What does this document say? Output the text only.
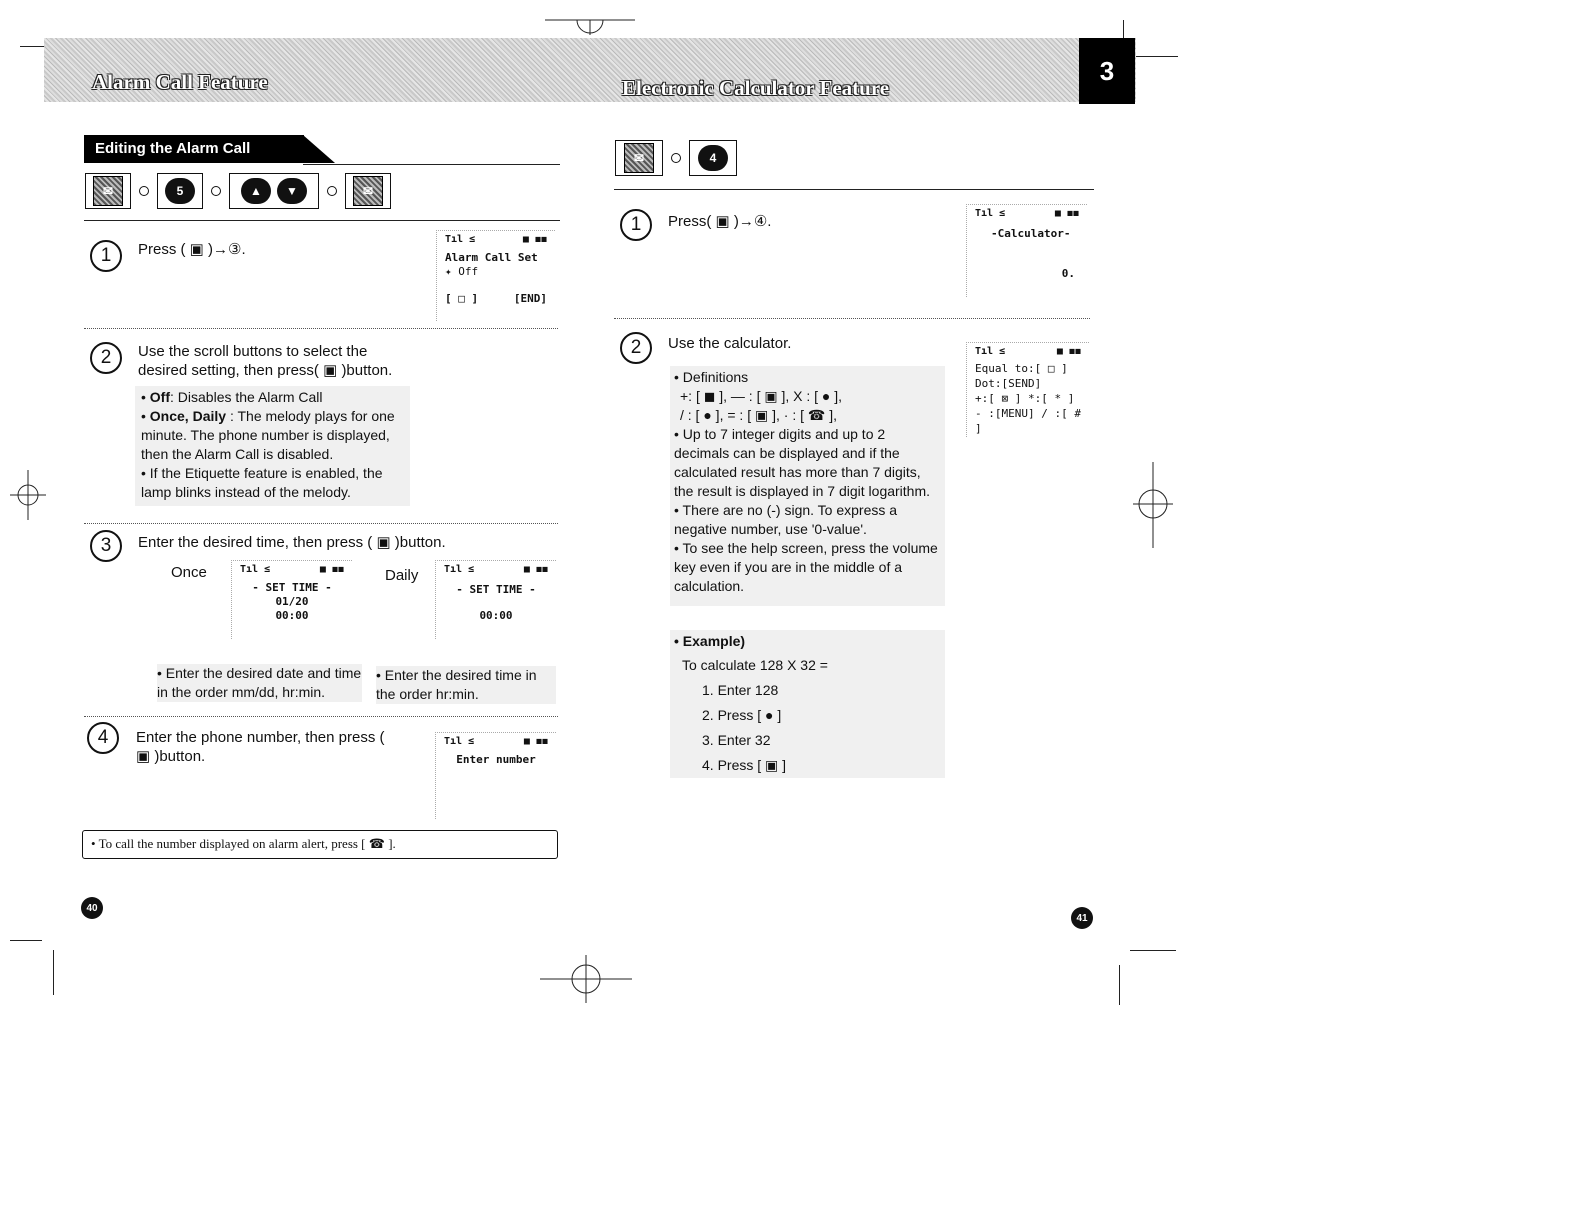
Alarm Call Feature	Electronic Calculator Feature
3
Editing the Alarm Call
✉	5	▲	▼	✉
1	Press ( ▣ )→③.
Tıl ≤	■ ◼◼
Alarm Call Set
✦ Off
[ □ ]	[END]
2	Use the scroll buttons to select the desired setting, then press( ▣ )button.
• Off: Disables the Alarm Call
• Once, Daily : The melody plays for one minute. The phone number is displayed, then the Alarm Call is disabled.
• If the Etiquette feature is enabled, the lamp blinks instead of the melody.
3	Enter the desired time, then press ( ▣ )button.
Once	Tıl ≤	■ ◼◼
- SET TIME -
01/20
00:00
Daily	Tıl ≤	■ ◼◼
- SET TIME -
00:00
• Enter the desired date and time in the order mm/dd, hr:min.
• Enter the desired time in the order hr:min.
4	Enter the phone number, then press ( ▣ )button.
Tıl ≤	■ ◼◼
Enter number
• To call the number displayed on alarm alert, press [ ☎ ].
40
✉	4
1	Press( ▣ )→④.	Tıl ≤	■ ◼◼
-Calculator-
0.
2	Use the calculator.	Tıl ≤	■ ◼◼
Equal to:[ □ ]
Dot:[SEND]
+:[ ⊠ ] *:[ * ]
- :[MENU] / :[ # ]
• Definitions
+: [ ◼ ], — : [ ▣ ], X : [ ● ],
/ : [ ● ], = : [ ▣ ], · : [ ☎ ],
• Up to 7 integer digits and up to 2 decimals can be displayed and if the calculated result has more than 7 digits, the result is displayed in 7 digit logarithm.
• There are no (-) sign. To express a negative number, use '0-value'.
• To see the help screen, press the volume key even if you are in the middle of a calculation.
• Example)
To calculate 128 X 32 =
1. Enter 128
2. Press [ ● ]
3. Enter 32
4. Press [ ▣ ]
41
